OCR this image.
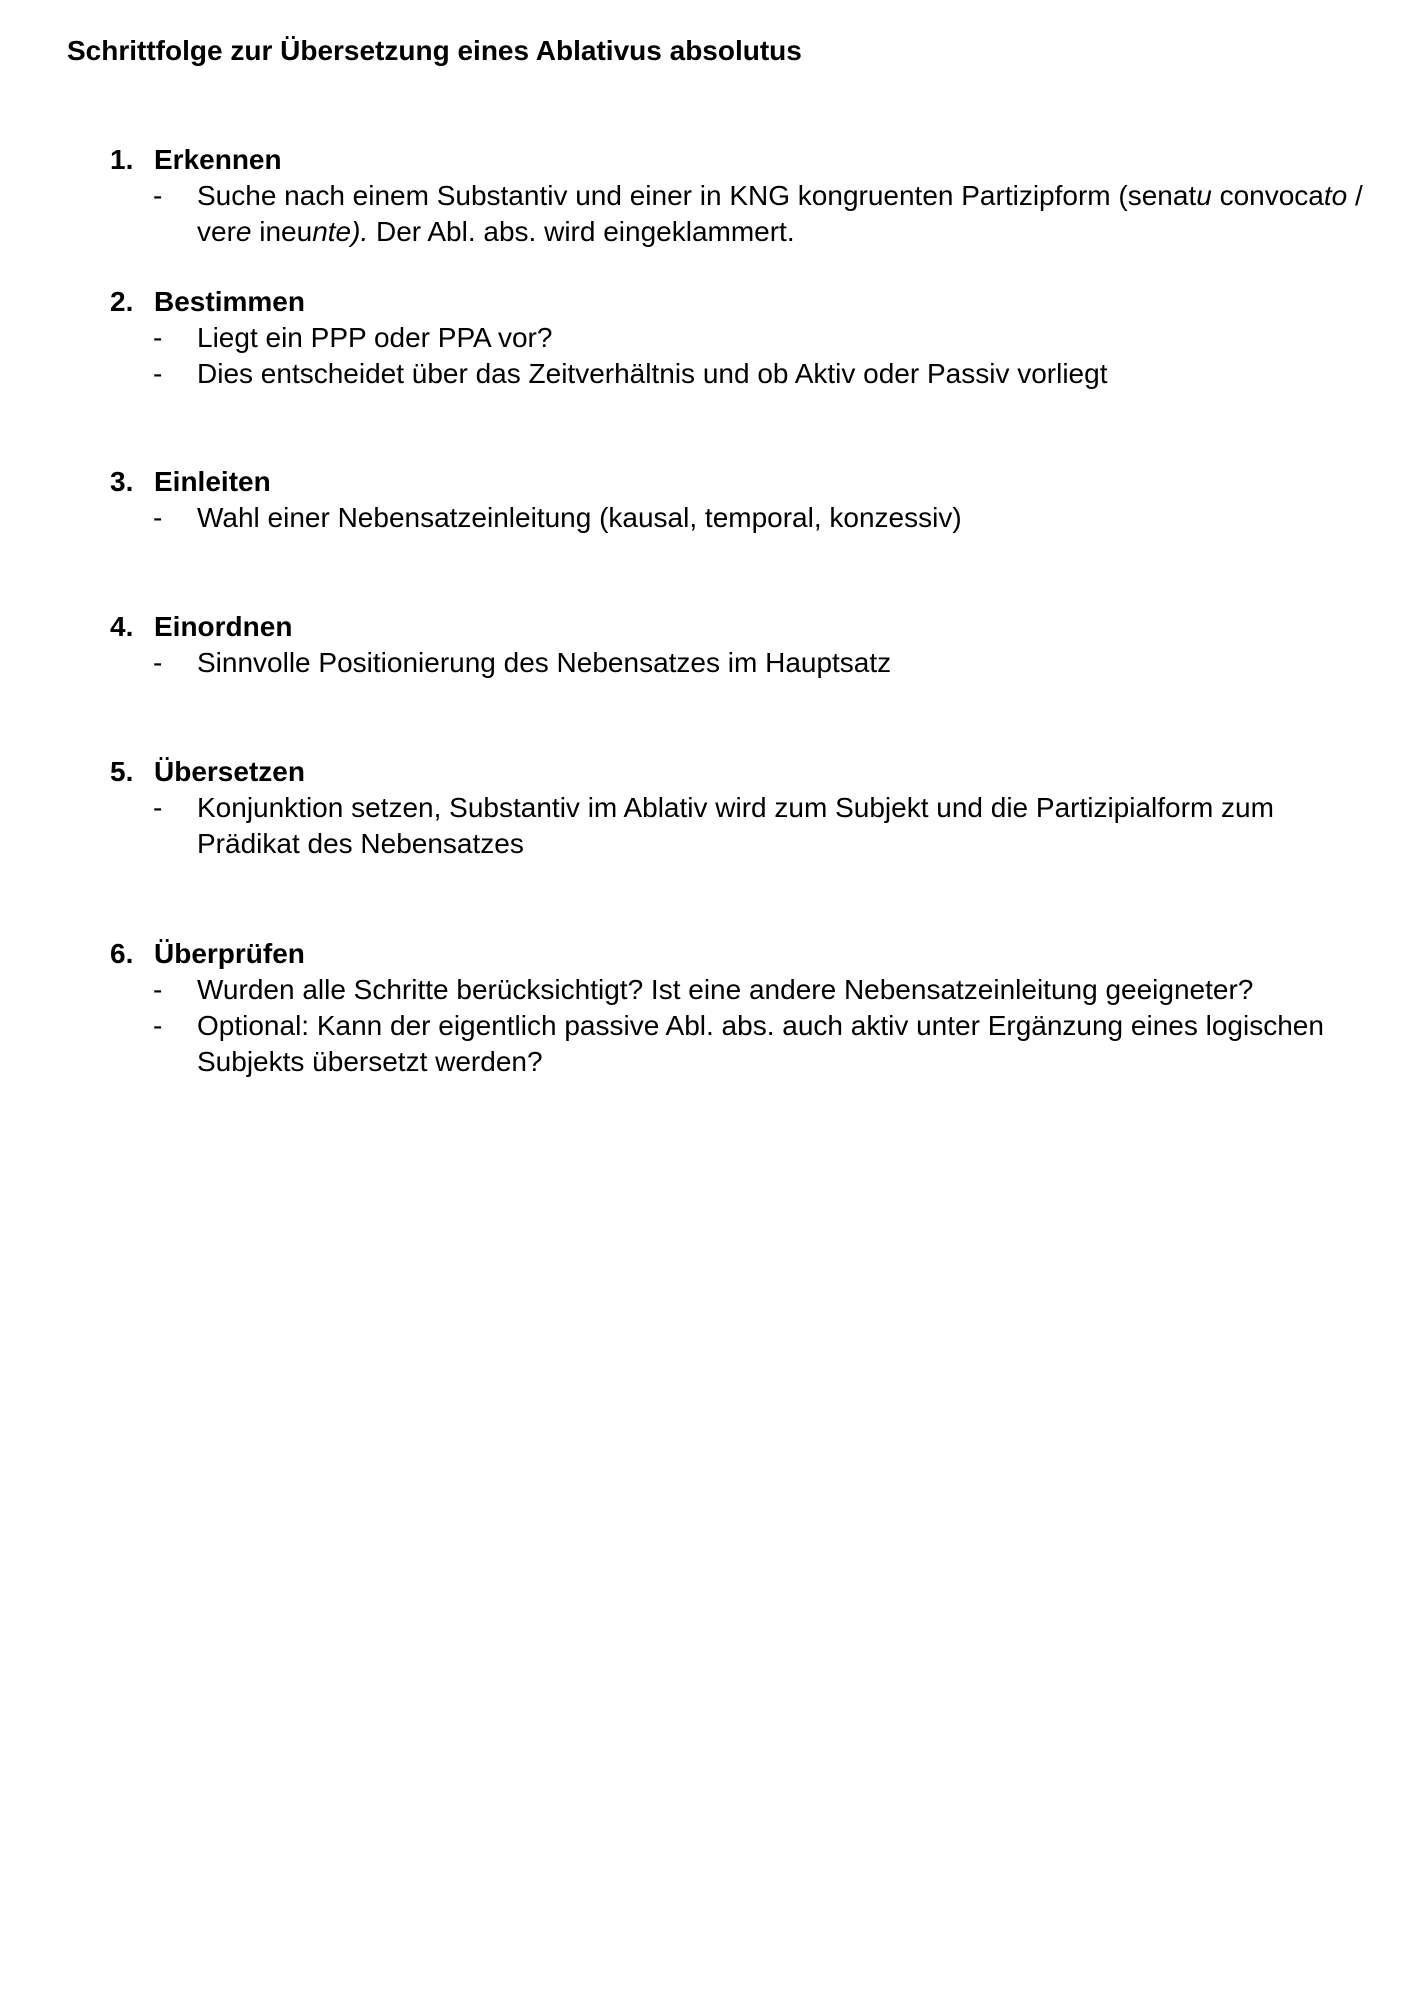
Schrittfolge zur Übersetzung eines Ablativus absolutus
1. Erkennen
-	Suche nach einem Substantiv und einer in KNG kongruenten Partizipform (senatu convocato / vere ineunte). Der Abl. abs. wird eingeklammert.
2. Bestimmen
-	Liegt ein PPP oder PPA vor?
-	Dies entscheidet über das Zeitverhältnis und ob Aktiv oder Passiv vorliegt
3. Einleiten
-	Wahl einer Nebensatzeinleitung (kausal, temporal, konzessiv)
4. Einordnen
-	Sinnvolle Positionierung des Nebensatzes im Hauptsatz
5. Übersetzen
-	Konjunktion setzen, Substantiv im Ablativ wird zum Subjekt und die Partizipialform zum Prädikat des Nebensatzes
6. Überprüfen
-	Wurden alle Schritte berücksichtigt? Ist eine andere Nebensatzeinleitung geeigneter?
-	Optional: Kann der eigentlich passive Abl. abs. auch aktiv unter Ergänzung eines logischen Subjekts übersetzt werden?
